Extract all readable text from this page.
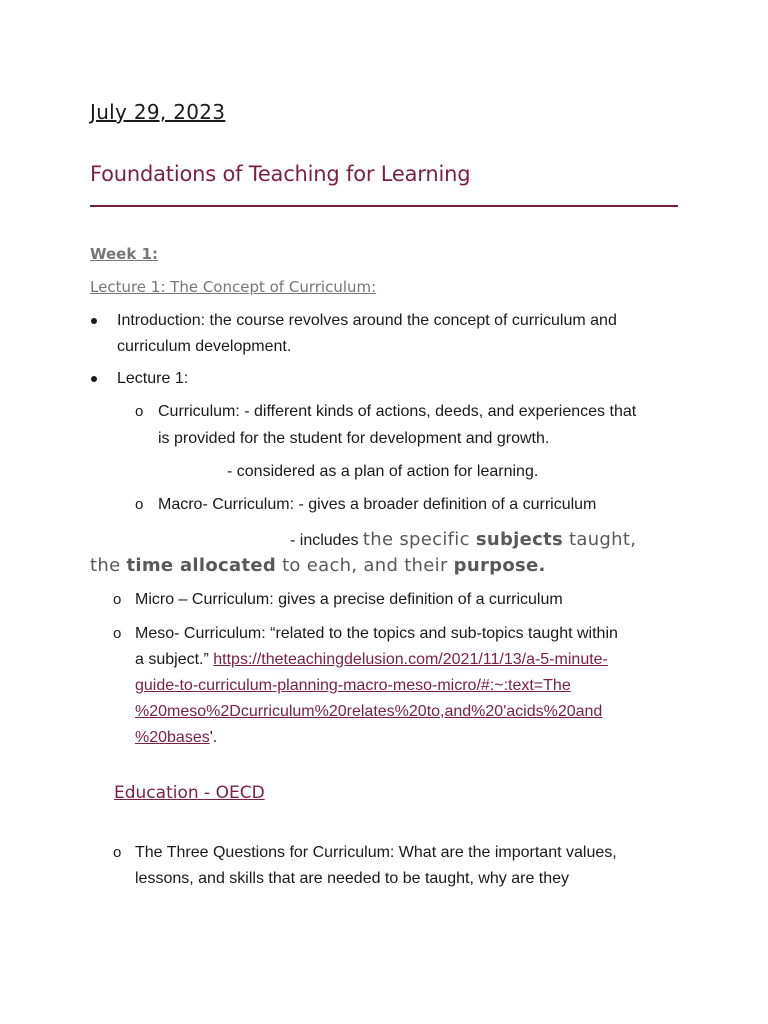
July 29, 2023
Foundations of Teaching for Learning
Week 1:
Lecture 1: The Concept of Curriculum:
Introduction: the course revolves around the concept of curriculum and
curriculum development.
Lecture 1:
o Curriculum: - different kinds of actions, deeds, and experiences that
is provided for the student for development and growth.
- considered as a plan of action for learning.
o Macro- Curriculum: - gives a broader definition of a curriculum
- includes the specific subjects taught,
the time allocated to each, and their purpose.
o Micro – Curriculum: gives a precise definition of a curriculum
o Meso- Curriculum: “related to the topics and sub-topics taught within
a subject.” https://theteachingdelusion.com/2021/11/13/a-5-minute-
guide-to-curriculum-planning-macro-meso-micro/#:~:text=The
%20meso%2Dcurriculum%20relates%20to,and%20'acids%20and
%20bases'.
Education - OECD
o The Three Questions for Curriculum: What are the important values,
lessons, and skills that are needed to be taught, why are they
